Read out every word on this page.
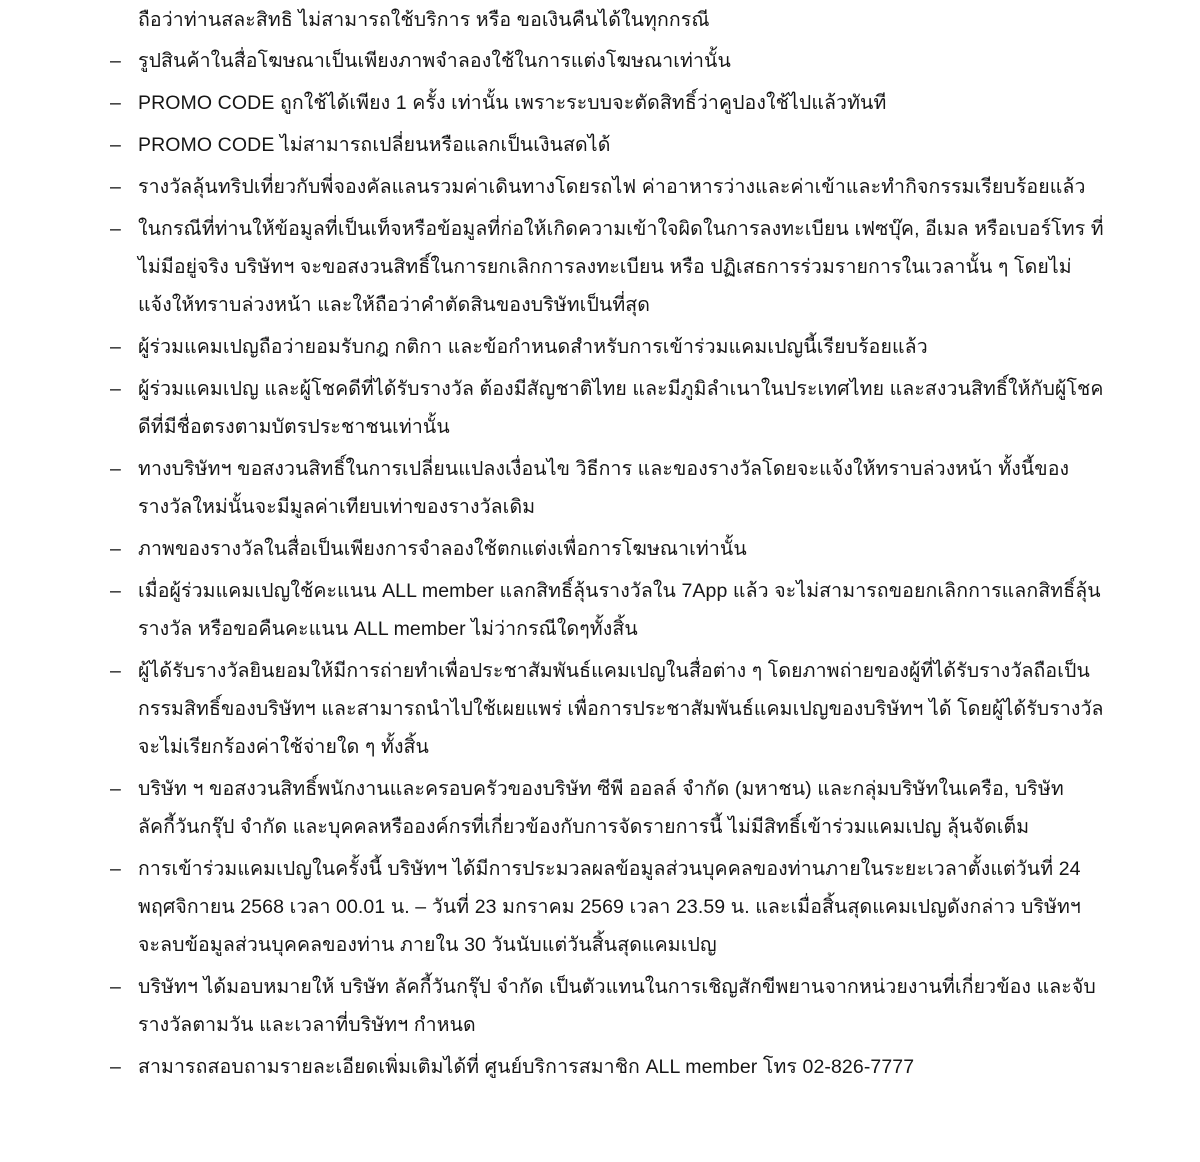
ถือว่าท่านสละสิทธิ ไม่สามารถใช้บริการ หรือ ขอเงินคืนได้ในทุกกรณี

– รูปสินค้าในสื่อโฆษณาเป็นเพียงภาพจำลองใช้ในการแต่งโฆษณาเท่านั้น
– PROMO CODE ถูกใช้ได้เพียง 1 ครั้ง เท่านั้น เพราะระบบจะตัดสิทธิ์ว่าคูปองใช้ไปแล้วทันที
– PROMO CODE ไม่สามารถเปลี่ยนหรือแลกเป็นเงินสดได้
– รางวัลลุ้นทริปเที่ยวกับพี่จองคัลแลนรวมค่าเดินทางโดยรถไฟ ค่าอาหารว่างและค่าเข้าและทำกิจกรรมเรียบร้อยแล้ว
– ในกรณีที่ท่านให้ข้อมูลที่เป็นเท็จหรือข้อมูลที่ก่อให้เกิดความเข้าใจผิดในการลงทะเบียน เฟซบุ๊ค, อีเมล หรือเบอร์โทร ที่ไม่มีอยู่จริง บริษัทฯ จะขอสงวนสิทธิ์ในการยกเลิกการลงทะเบียน หรือ ปฏิเสธการร่วมรายการในเวลานั้น ๆ โดยไม่แจ้งให้ทราบล่วงหน้า และให้ถือว่าคำตัดสินของบริษัทเป็นที่สุด
– ผู้ร่วมแคมเปญถือว่ายอมรับกฎ กติกา และข้อกำหนดสำหรับการเข้าร่วมแคมเปญนี้เรียบร้อยแล้ว
– ผู้ร่วมแคมเปญ และผู้โชคดีที่ได้รับรางวัล ต้องมีสัญชาติไทย และมีภูมิลำเนาในประเทศไทย และสงวนสิทธิ์ให้กับผู้โชคดีที่มีชื่อตรงตามบัตรประชาชนเท่านั้น
– ทางบริษัทฯ ขอสงวนสิทธิ์ในการเปลี่ยนแปลงเงื่อนไข วิธีการ และของรางวัลโดยจะแจ้งให้ทราบล่วงหน้า ทั้งนี้ของรางวัลใหม่นั้นจะมีมูลค่าเทียบเท่าของรางวัลเดิม
– ภาพของรางวัลในสื่อเป็นเพียงการจำลองใช้ตกแต่งเพื่อการโฆษณาเท่านั้น
– เมื่อผู้ร่วมแคมเปญใช้คะแนน ALL member แลกสิทธิ์ลุ้นรางวัลใน 7App แล้ว จะไม่สามารถขอยกเลิกการแลกสิทธิ์ลุ้นรางวัล หรือขอคืนคะแนน ALL member ไม่ว่ากรณีใดๆทั้งสิ้น
– ผู้ได้รับรางวัลยินยอมให้มีการถ่ายทำเพื่อประชาสัมพันธ์แคมเปญในสื่อต่าง ๆ โดยภาพถ่ายของผู้ที่ได้รับรางวัลถือเป็นกรรมสิทธิ์ของบริษัทฯ และสามารถนำไปใช้เผยแพร่ เพื่อการประชาสัมพันธ์แคมเปญของบริษัทฯ ได้ โดยผู้ได้รับรางวัลจะไม่เรียกร้องค่าใช้จ่ายใด ๆ ทั้งสิ้น
– บริษัท ฯ ขอสงวนสิทธิ์พนักงานและครอบครัวของบริษัท ซีพี ออลล์ จำกัด (มหาชน) และกลุ่มบริษัทในเครือ, บริษัท ลัคกี้วันกรุ๊ป จำกัด และบุคคลหรือองค์กรที่เกี่ยวข้องกับการจัดรายการนี้ ไม่มีสิทธิ์เข้าร่วมแคมเปญ ลุ้นจัดเต็ม
– การเข้าร่วมแคมเปญในครั้งนี้ บริษัทฯ ได้มีการประมวลผลข้อมูลส่วนบุคคลของท่านภายในระยะเวลาตั้งแต่วันที่ 24 พฤศจิกายน 2568 เวลา 00.01 น. – วันที่ 23 มกราคม 2569 เวลา 23.59 น. และเมื่อสิ้นสุดแคมเปญดังกล่าว บริษัทฯ จะลบข้อมูลส่วนบุคคลของท่าน ภายใน 30 วันนับแต่วันสิ้นสุดแคมเปญ
– บริษัทฯ ได้มอบหมายให้ บริษัท ลัคกี้วันกรุ๊ป จำกัด เป็นตัวแทนในการเชิญสักขีพยานจากหน่วยงานที่เกี่ยวข้อง และจับรางวัลตามวัน และเวลาที่บริษัทฯ กำหนด
– สามารถสอบถามรายละเอียดเพิ่มเติมได้ที่ ศูนย์บริการสมาชิก ALL member โทร 02-826-7777
